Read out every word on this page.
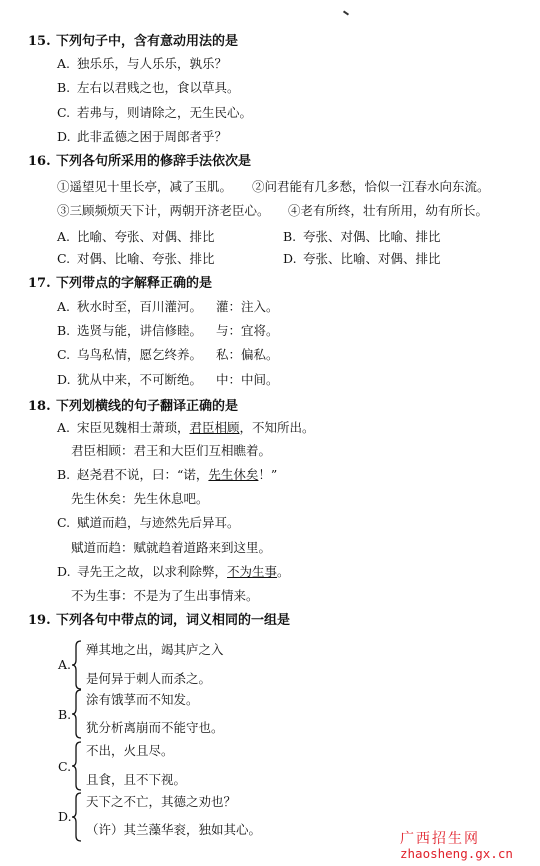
15. 下列句子中，含有意动用法的是
A. 独乐乐，与人乐乐，孰乐？
B. 左右以君贱之也，食以草具。
C. 若弗与，则请除之，无生民心。
D. 此非孟德之困于周郎者乎？
16. 下列各句所采用的修辞手法依次是
①遥望见十里长亭，减了玉肌。 ②问君能有几多愁，恰似一江春水向东流。
③三顾频烦天下计，两朝开济老臣心。 ④老有所终，壮有所用，幼有所长。
A. 比喻、夸张、对偶、排比	B. 夸张、对偶、比喻、排比
C. 对偶、比喻、夸张、排比	D. 夸张、比喻、对偶、排比
17. 下列带点的字解释正确的是
A. 秋水时至，百川灌河。 灌：注入。
B. 选贤与能，讲信修睦。 与：宜将。
C. 乌鸟私情，愿乞终养。 私：偏私。
D. 犹从中来，不可断绝。 中：中间。
18. 下列划横线的句子翻译正确的是
A. 宋臣见魏相士萧琐，君臣相顾，不知所出。
君臣相顾：君王和大臣们互相瞧着。
B. 赵尧君不说，曰：“诺，先生休矣！”
先生休矣：先生休息吧。
C. 赋道而趋，与迹然先后异耳。
赋道而趋：赋就趋着道路来到这里。
D. 寻先王之故，以求利除弊，不为生事。
不为生事：不是为了生出事情来。
19. 下列各句中带点的词，词义相同的一组是
A.
殚其地之出，竭其庐之入
是何异于刺人而杀之。
B.
涂有饿莩而不知发。
犹分析离崩而不能守也。
C.
不出，火且尽。
且食，且不下视。
D.
天下之不亡，其德之劝也？
（许）其兰藻华衮，独如其心。
广西招生网
zhaosheng.gx.cn
